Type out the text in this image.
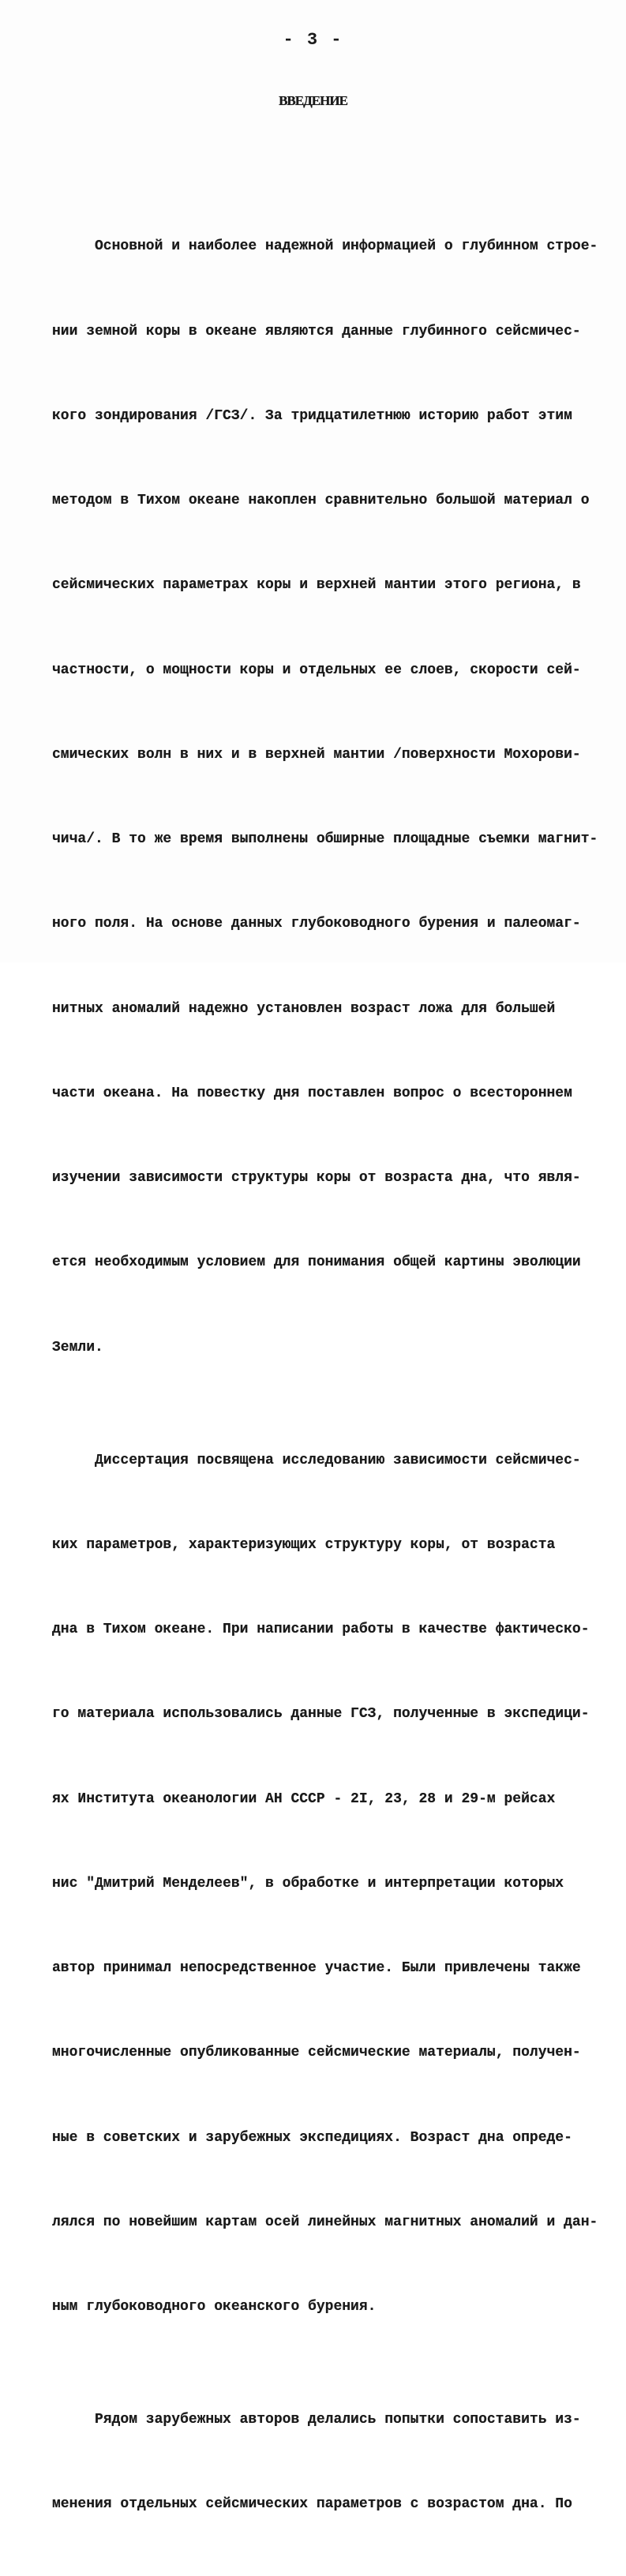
- 3 -
ВВЕДЕНИЕ

Основной и наиболее надежной информацией о глубинном строе-

нии земной коры в океане являются данные глубинного сейсмичес-

кого зондирования /ГСЗ/. За тридцатилетнюю историю работ этим

методом в Тихом океане накоплен сравнительно большой материал о

сейсмических параметрах коры и верхней мантии этого региона, в

частности, о мощности коры и отдельных ее слоев, скорости сей-

смических волн в них и в верхней мантии /поверхности Мохорови-

чича/. В то же время выполнены обширные площадные съемки магнит-

ного поля. На основе данных глубоководного бурения и палеомаг-

нитных аномалий надежно установлен возраст ложа для большей

части океана. На повестку дня поставлен вопрос о всестороннем

изучении зависимости структуры коры от возраста дна, что явля-

ется необходимым условием для понимания общей картины эволюции

Земли.

Диссертация посвящена исследованию зависимости сейсмичес-

ких параметров, характеризующих структуру коры, от возраста

дна в Тихом океане. При написании работы в качестве фактическо-

го материала использовались данные ГСЗ, полученные в экспедици-

ях Института океанологии АН СССР - 2I, 23, 28 и 29-м рейсах

нис "Дмитрий Менделеев", в обработке и интерпретации которых

автор принимал непосредственное участие. Были привлечены также

многочисленные опубликованные сейсмические материалы, получен-

ные в советских и зарубежных экспедициях. Возраст дна опреде-

лялся по новейшим картам осей линейных магнитных аномалий и дан-

ным глубоководного океанского бурения.

Рядом зарубежных авторов делались попытки сопоставить из-

менения отдельных сейсмических параметров с возрастом дна. По
